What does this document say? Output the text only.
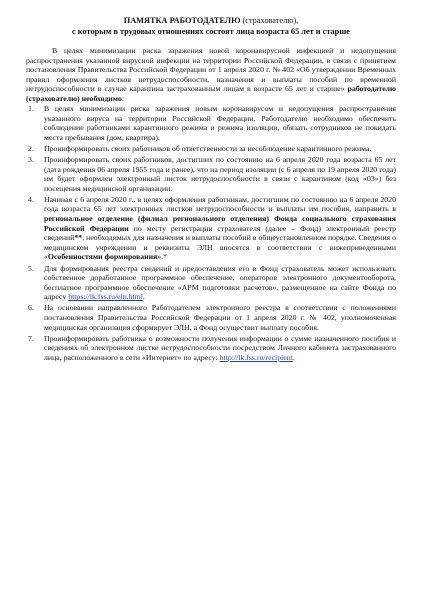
ПАМЯТКА РАБОТОДАТЕЛЮ (страхователю),
с которым в трудовых отношениях состоят лица возраста 65 лет и старше

В целях минимизации риска заражения новой коронавирусной инфекцией и недопущения распространения указанной вирусной инфекции на территории Российской Федерации, в связи с принятием постановления Правительства Российской Федерации от 1 апреля 2020 г. № 402 «Об утверждении Временных правил оформления листков нетрудоспособности, назначения и выплаты пособий по временной нетрудоспособности в случае карантина застрахованным лицам в возрасте 65 лет и старше» работодателю (страхователю) необходимо:

1. В целях минимизации риска заражения новым коронавирусом и недопущения распространения указанного вируса на территории Российской Федерации, Работодателю необходимо обеспечить соблюдение работниками карантинного режима и режима изоляции, обязать сотрудников не покидать места пребывания (дом, квартира).
2. Проинформировать своих работников об ответственности за несоблюдение карантинного режима.
3. Проинформировать своих работников, достигших по состоянию на 6 апреля 2020 года возраста 65 лет (дата рождения 06 апреля 1955 года и ранее), что на период изоляции (с 6 апреля по 19 апреля 2020 года) им будет оформлен электронный листок нетрудоспособности в связи с карантином (код «03») без посещения медицинской организации.
4. Начиная с 6 апреля 2020 г., в целях оформления работникам, достигшим по состоянию на 6 апреля 2020 года возраста 65 лет электронных листков нетрудоспособности и выплаты им пособия, направить в региональное отделение (филиал регионального отделения) Фонда социального страхования Российской Федерации по месту регистрации страхователя (далее – Фонд) электронный реестр сведений**, необходимых для назначения и выплаты пособий в общеустановленном порядке. Сведения о медицинском учреждении и реквизиты ЭЛН вносятся в соответствии с нижеприведенными «Особенностями формирования».*
5. Для формирования реестра сведений и предоставления его в Фонд страхователь может использовать собственное доработанное программное обеспечение, операторов электронного документооборота, бесплатное программное обеспечение «АРМ подготовки расчетов», размещенное на сайте Фонда по адресу https://lk.fss.ru/eln.html.
6. На основании направленного Работодателем электронного реестра в соответствии с положениями постановления Правительства Российской Федерации от 1 апреля 2020 г. № 402, уполномоченная медицинская организация сформирует ЭЛН, а Фонд осуществит выплату пособия.
7. Проинформировать работника о возможности получения информации о сумме назначенного пособия и сведениях об электронном листке нетрудоспособности посредством Личного кабинета застрахованного лица, расположенного в сети «Интернет» по адресу: http://lk.fss.ru/recipient.
